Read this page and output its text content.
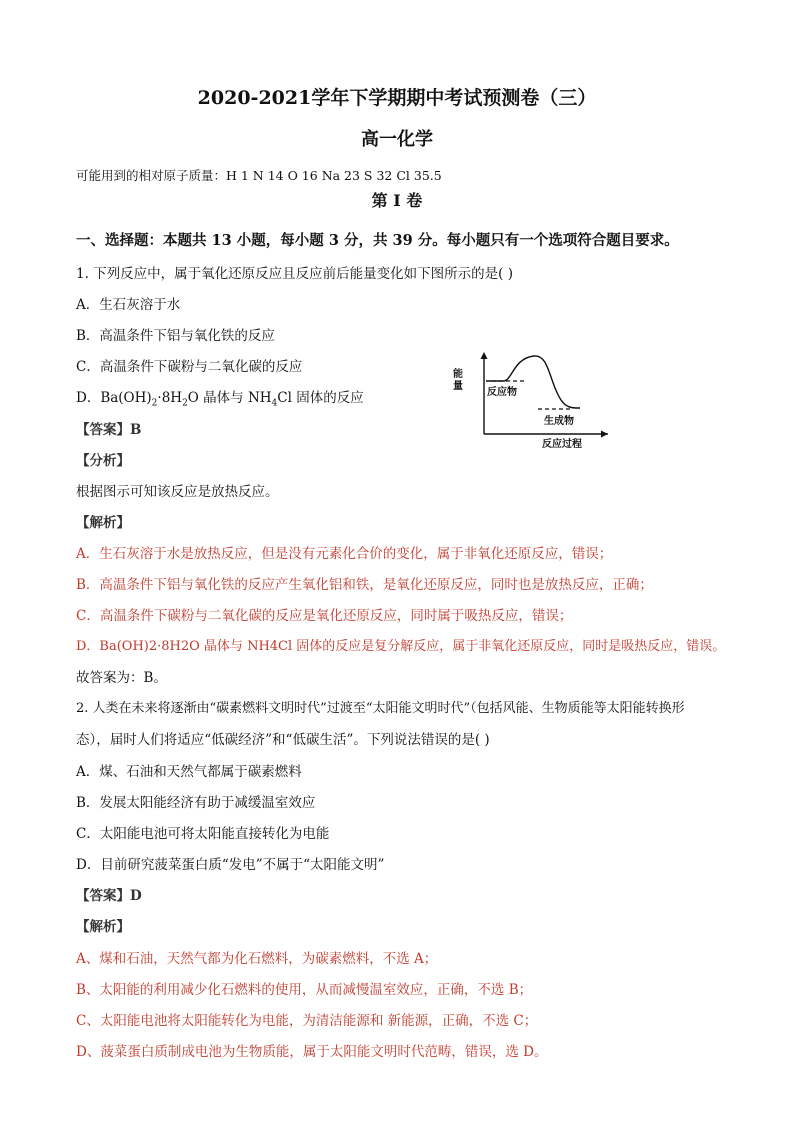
2020-2021学年下学期期中考试预测卷（三）
高一化学
可能用到的相对原子质量：H 1 N 14 O 16 Na 23 S 32 Cl 35.5
第 I 卷
一、选择题：本题共 13 小题，每小题 3 分，共 39 分。每小题只有一个选项符合题目要求。
1. 下列反应中，属于氧化还原反应且反应前后能量变化如下图所示的是( )
A．生石灰溶于水
B．高温条件下铝与氧化铁的反应
C．高温条件下碳粉与二氧化碳的反应
D．$Ba(OH)_2\cdot 8H_2O$ 晶体与 $NH_4Cl$ 固体的反应
能
量
反应物
生成物
反应过程
【答案】B
【分析】
根据图示可知该反应是放热反应。
【解析】
A．生石灰溶于水是放热反应，但是没有元素化合价的变化，属于非氧化还原反应，错误；
B．高温条件下铝与氧化铁的反应产生氧化铝和铁，是氧化还原反应，同时也是放热反应，正确；
C．高温条件下碳粉与二氧化碳的反应是氧化还原反应，同时属于吸热反应，错误；
D．Ba(OH)2·8H2O 晶体与 NH4Cl 固体的反应是复分解反应，属于非氧化还原反应，同时是吸热反应，错误。
故答案为：B。
2. 人类在未来将逐渐由“碳素燃料文明时代”过渡至“太阳能文明时代”（包括风能、生物质能等太阳能转换形
态），届时人们将适应“低碳经济”和“低碳生活”。下列说法错误的是( )
A．煤、石油和天然气都属于碳素燃料
B．发展太阳能经济有助于减缓温室效应
C．太阳能电池可将太阳能直接转化为电能
D．目前研究菠菜蛋白质“发电”不属于“太阳能文明”
【答案】D
【解析】
A、煤和石油，天然气都为化石燃料，为碳素燃料，不选 A；
B、太阳能的利用减少化石燃料的使用，从而减慢温室效应，正确，不选 B；
C、太阳能电池将太阳能转化为电能，为清洁能源和 新能源，正确，不选 C；
D、菠菜蛋白质制成电池为生物质能，属于太阳能文明时代范畴，错误，选 D。
